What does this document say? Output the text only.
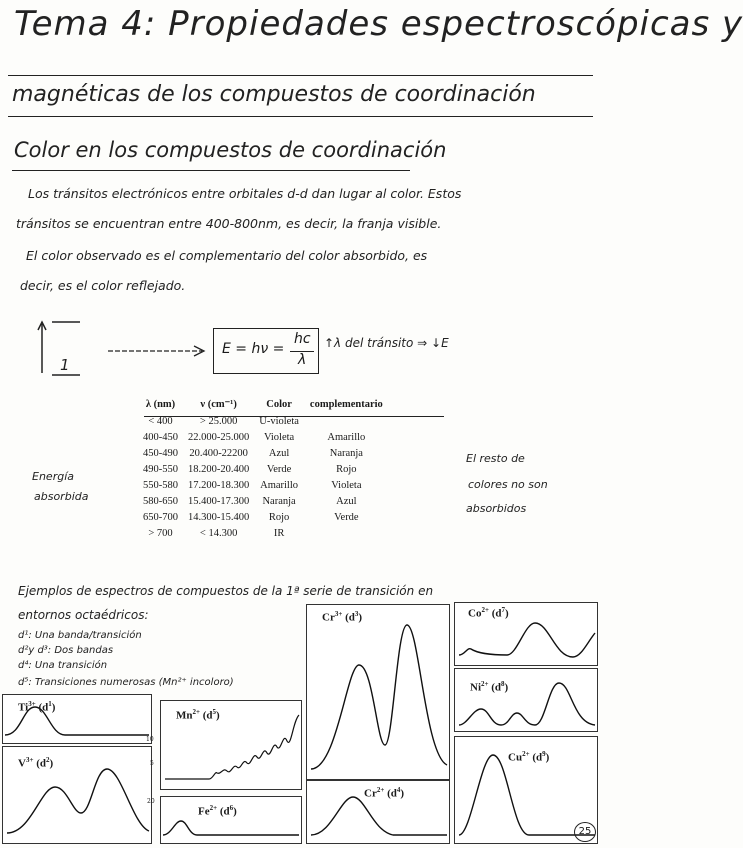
Tema 4: Propiedades espectroscópicas y
magnéticas de los compuestos de coordinación
Color en los compuestos de coordinación
Los tránsitos electrónicos entre orbitales d-d dan lugar al color. Estos
tránsitos se encuentran entre 400-800nm, es decir, la franja visible.
El color observado es el complementario del color absorbido, es
decir, es el color reflejado.
1
E = hν =
hc
λ
↑λ del tránsito ⇒ ↓E
λ (nm)	ν (cm⁻¹)	Color	complementario
< 400	> 25.000	U-violeta	
400-450	22.000-25.000	Violeta	Amarillo
450-490	20.400-22200	Azul	Naranja
490-550	18.200-20.400	Verde	Rojo
550-580	17.200-18.300	Amarillo	Violeta
580-650	15.400-17.300	Naranja	Azul
650-700	14.300-15.400	Rojo	Verde
> 700	< 14.300	IR	
Energía
absorbida
El resto de
colores no son
absorbidos
Ejemplos de espectros de compuestos de la 1ª serie de transición en
entornos octaédricos:
d¹: Una banda/transición
d²y d³: Dos bandas
d⁴: Una transición
d⁵: Transiciones numerosas (Mn²⁺ incoloro)
$Ti^{3+}$ $(d^1)$
$V^{3+}$ $(d^2)$
$Mn^{2+}$ $(d^5)$
10
5
20
$Fe^{2+}$ $(d^6)$
$Cr^{3+}$ $(d^3)$
$Cr^{2+}$ $(d^4)$
$Co^{2+}$ $(d^7)$
$Ni^{2+}$ $(d^8)$
$Cu^{2+}$ $(d^9)$
25
